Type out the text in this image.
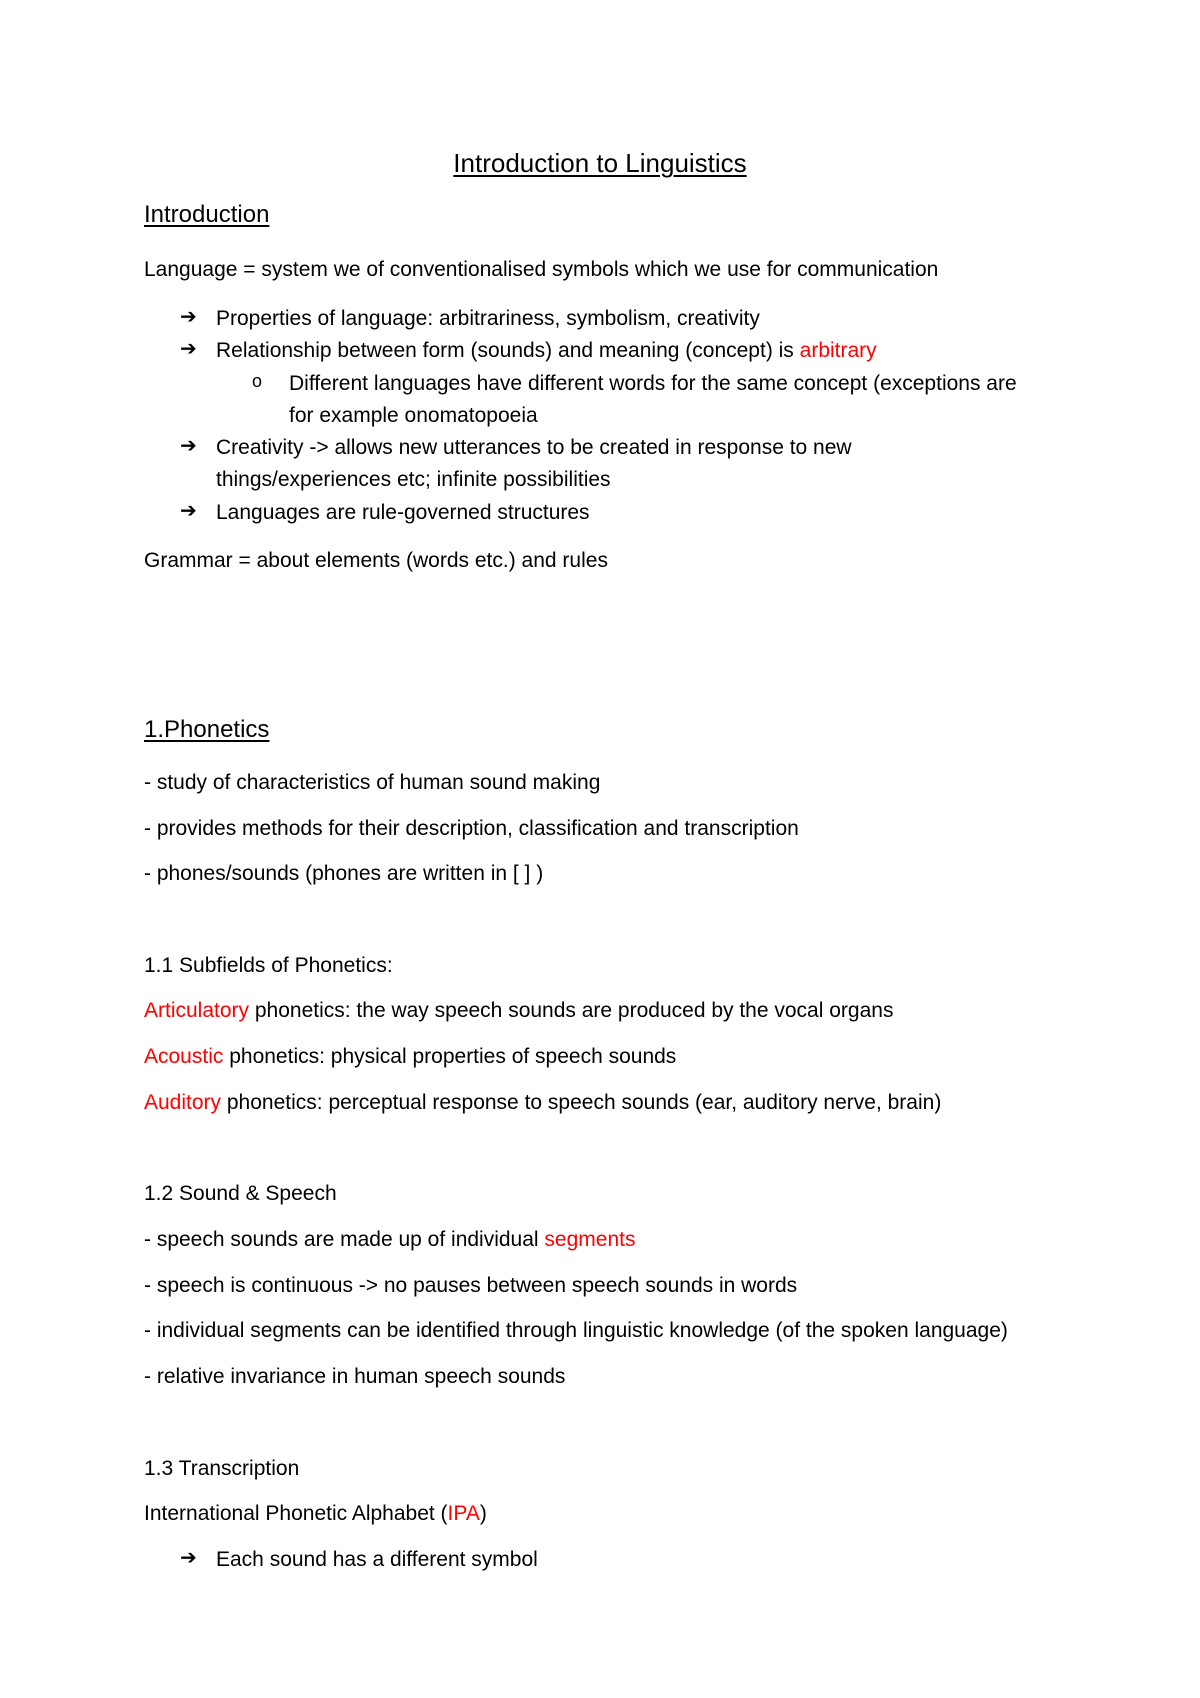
Introduction to Linguistics
Introduction
Language = system we of conventionalised symbols which we use for communication
➔ Properties of language: arbitrariness, symbolism, creativity
➔ Relationship between form (sounds) and meaning (concept) is arbitrary
o Different languages have different words for the same concept (exceptions are
for example onomatopoeia
➔ Creativity -> allows new utterances to be created in response to new
things/experiences etc; infinite possibilities
➔ Languages are rule-governed structures
Grammar = about elements (words etc.) and rules
1.Phonetics
- study of characteristics of human sound making
- provides methods for their description, classification and transcription
- phones/sounds (phones are written in [ ] )
1.1 Subfields of Phonetics:
Articulatory phonetics: the way speech sounds are produced by the vocal organs
Acoustic phonetics: physical properties of speech sounds
Auditory phonetics: perceptual response to speech sounds (ear, auditory nerve, brain)
1.2 Sound & Speech
- speech sounds are made up of individual segments
- speech is continuous -> no pauses between speech sounds in words
- individual segments can be identified through linguistic knowledge (of the spoken language)
- relative invariance in human speech sounds
1.3 Transcription
International Phonetic Alphabet (IPA)
➔ Each sound has a different symbol
